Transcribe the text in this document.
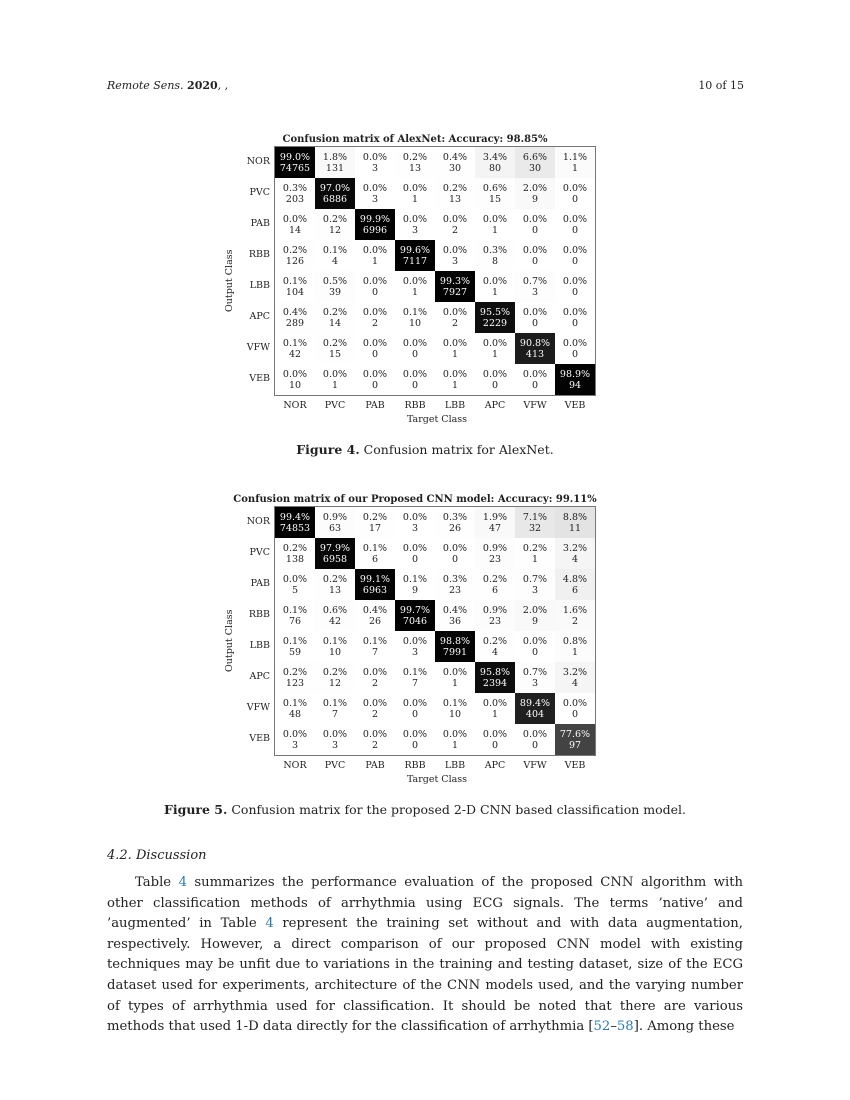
Remote Sens. 2020, ,	10 of 15
Confusion matrix of AlexNet: Accuracy: 98.85%
99.0%
74765
1.8%
131
0.0%
3
0.2%
13
0.4%
30
3.4%
80
6.6%
30
1.1%
1
0.3%
203
97.0%
6886
0.0%
3
0.0%
1
0.2%
13
0.6%
15
2.0%
9
0.0%
0
0.0%
14
0.2%
12
99.9%
6996
0.0%
3
0.0%
2
0.0%
1
0.0%
0
0.0%
0
0.2%
126
0.1%
4
0.0%
1
99.6%
7117
0.0%
3
0.3%
8
0.0%
0
0.0%
0
0.1%
104
0.5%
39
0.0%
0
0.0%
1
99.3%
7927
0.0%
1
0.7%
3
0.0%
0
0.4%
289
0.2%
14
0.0%
2
0.1%
10
0.0%
2
95.5%
2229
0.0%
0
0.0%
0
0.1%
42
0.2%
15
0.0%
0
0.0%
0
0.0%
1
0.0%
1
90.8%
413
0.0%
0
0.0%
10
0.0%
1
0.0%
0
0.0%
0
0.0%
1
0.0%
0
0.0%
0
98.9%
94
Output Class
Target Class
NOR
NOR
PVC
PVC
PAB
PAB
RBB
RBB
LBB
LBB
APC
APC
VFW
VFW
VEB
VEB
Figure 4. Confusion matrix for AlexNet.
Confusion matrix of our Proposed CNN model: Accuracy: 99.11%
99.4%
74853
0.9%
63
0.2%
17
0.0%
3
0.3%
26
1.9%
47
7.1%
32
8.8%
11
0.2%
138
97.9%
6958
0.1%
6
0.0%
0
0.0%
0
0.9%
23
0.2%
1
3.2%
4
0.0%
5
0.2%
13
99.1%
6963
0.1%
9
0.3%
23
0.2%
6
0.7%
3
4.8%
6
0.1%
76
0.6%
42
0.4%
26
99.7%
7046
0.4%
36
0.9%
23
2.0%
9
1.6%
2
0.1%
59
0.1%
10
0.1%
7
0.0%
3
98.8%
7991
0.2%
4
0.0%
0
0.8%
1
0.2%
123
0.2%
12
0.0%
2
0.1%
7
0.0%
1
95.8%
2394
0.7%
3
3.2%
4
0.1%
48
0.1%
7
0.0%
2
0.0%
0
0.1%
10
0.0%
1
89.4%
404
0.0%
0
0.0%
3
0.0%
3
0.0%
2
0.0%
0
0.0%
1
0.0%
0
0.0%
0
77.6%
97
Output Class
Target Class
NOR
NOR
PVC
PVC
PAB
PAB
RBB
RBB
LBB
LBB
APC
APC
VFW
VFW
VEB
VEB
Figure 5. Confusion matrix for the proposed 2-D CNN based classification model.
4.2. Discussion
Table 4 summarizes the performance evaluation of the proposed CNN algorithm with other classification methods of arrhythmia using ECG signals. The terms ’native’ and ’augmented’ in Table 4 represent the training set without and with data augmentation, respectively. However, a direct comparison of our proposed CNN model with existing techniques may be unfit due to variations in the training and testing dataset, size of the ECG dataset used for experiments, architecture of the CNN models used, and the varying number of types of arrhythmia used for classification. It should be noted that there are various methods that used 1-D data directly for the classification of arrhythmia [52–58]. Among these
